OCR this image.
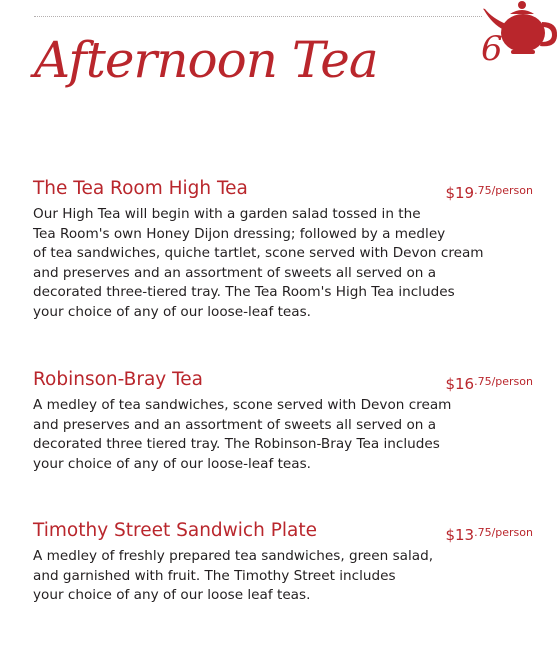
6
Afternoon Tea
The Tea Room High Tea	$\$19^{.75/person}$
Our High Tea will begin with a garden salad tossed in the
Tea Room's own Honey Dijon dressing; followed by a medley
of tea sandwiches, quiche tartlet, scone served with Devon cream
and preserves and an assortment of sweets all served on a
decorated three-tiered tray. The Tea Room's High Tea includes
your choice of any of our loose-leaf teas.
Robinson-Bray Tea	$\$16^{.75/person}$
A medley of tea sandwiches, scone served with Devon cream
and preserves and an assortment of sweets all served on a
decorated three tiered tray. The Robinson-Bray Tea includes
your choice of any of our loose-leaf teas.
Timothy Street Sandwich Plate	$\$13^{.75/person}$
A medley of freshly prepared tea sandwiches, green salad,
and garnished with fruit. The Timothy Street includes
your choice of any of our loose leaf teas.
